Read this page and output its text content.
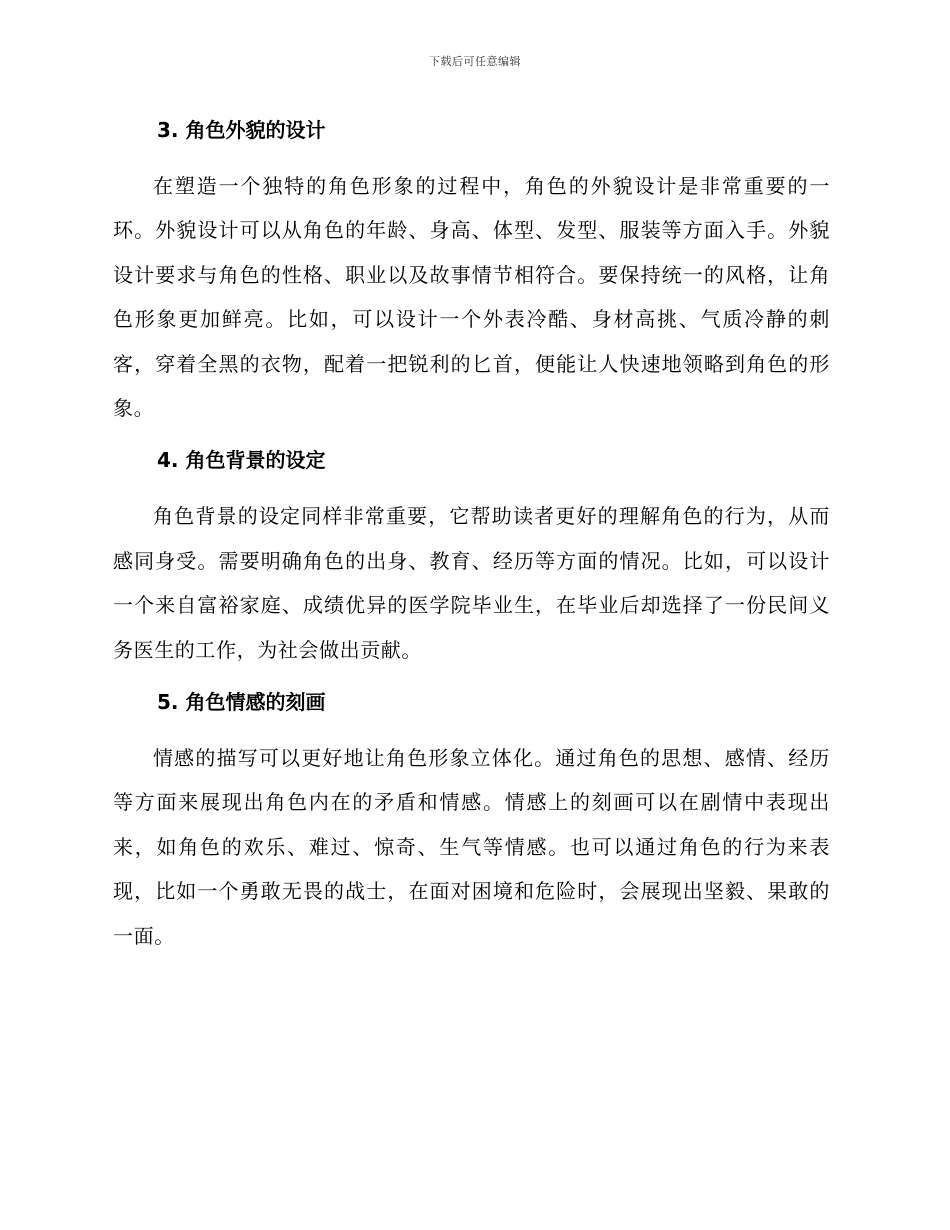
下载后可任意编辑
3. 角色外貌的设计

在塑造一个独特的角色形象的过程中，角色的外貌设计是非常重要的一环。外貌设计可以从角色的年龄、身高、体型、发型、服装等方面入手。外貌设计要求与角色的性格、职业以及故事情节相符合。要保持统一的风格，让角色形象更加鲜亮。比如，可以设计一个外表冷酷、身材高挑、气质冷静的刺客，穿着全黑的衣物，配着一把锐利的匕首，便能让人快速地领略到角色的形象。

4. 角色背景的设定

角色背景的设定同样非常重要，它帮助读者更好的理解角色的行为，从而感同身受。需要明确角色的出身、教育、经历等方面的情况。比如，可以设计一个来自富裕家庭、成绩优异的医学院毕业生，在毕业后却选择了一份民间义务医生的工作，为社会做出贡献。

5. 角色情感的刻画

情感的描写可以更好地让角色形象立体化。通过角色的思想、感情、经历等方面来展现出角色内在的矛盾和情感。情感上的刻画可以在剧情中表现出来，如角色的欢乐、难过、惊奇、生气等情感。也可以通过角色的行为来表现，比如一个勇敢无畏的战士，在面对困境和危险时，会展现出坚毅、果敢的一面。
